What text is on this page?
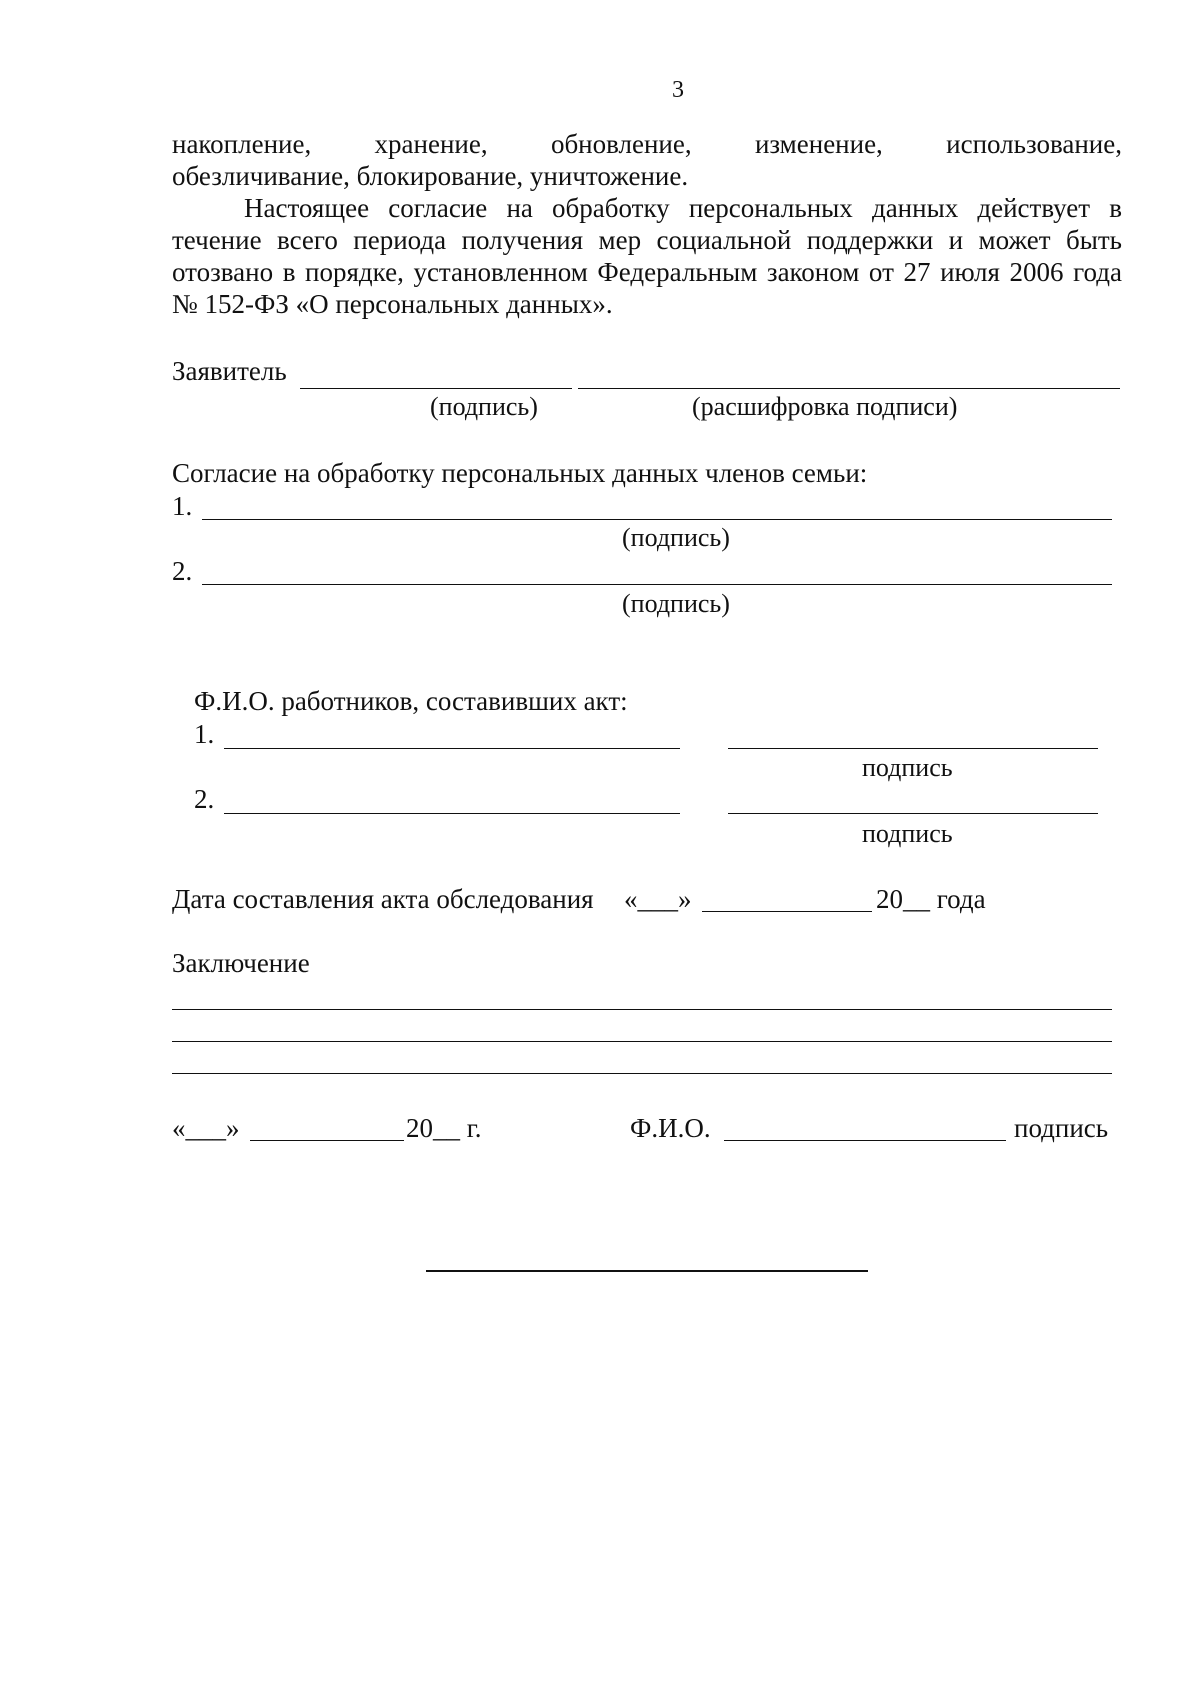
3
накопление, хранение, обновление, изменение, использование,
обезличивание, блокирование, уничтожение.
Настоящее согласие на обработку персональных данных действует в течение всего периода получения мер социальной поддержки и может быть отозвано в порядке, установленном Федеральным законом от 27 июля 2006 года № 152-ФЗ «О персональных данных».
Заявитель
(подпись)	(расшифровка подписи)
Согласие на обработку персональных данных членов семьи:
1.
(подпись)
2.
(подпись)
Ф.И.О. работников, составивших акт:
1.
подпись
2.
подпись
Дата составления акта обследования «___»	20__ года
Заключение
«___»	20__ г.	Ф.И.О.	подпись
